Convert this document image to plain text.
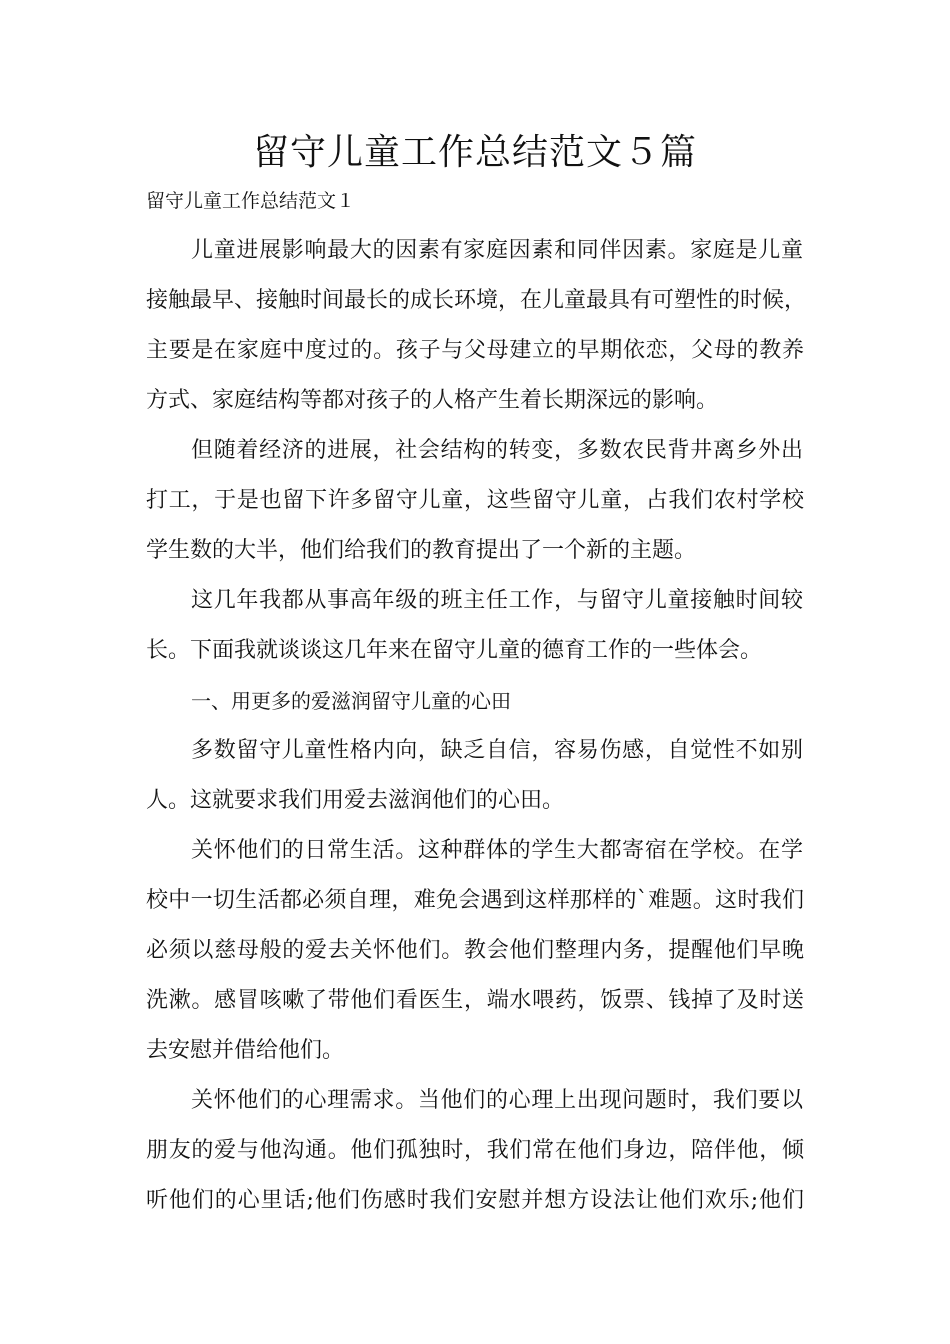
留守儿童工作总结范文５篇
留守儿童工作总结范文１
儿童进展影响最大的因素有家庭因素和同伴因素。家庭是儿童
接触最早、接触时间最长的成长环境，在儿童最具有可塑性的时候，
主要是在家庭中度过的。孩子与父母建立的早期依恋，父母的教养
方式、家庭结构等都对孩子的人格产生着长期深远的影响。
但随着经济的进展，社会结构的转变，多数农民背井离乡外出
打工，于是也留下许多留守儿童，这些留守儿童，占我们农村学校
学生数的大半，他们给我们的教育提出了一个新的主题。
这几年我都从事高年级的班主任工作，与留守儿童接触时间较
长。下面我就谈谈这几年来在留守儿童的德育工作的一些体会。
一、用更多的爱滋润留守儿童的心田
多数留守儿童性格内向，缺乏自信，容易伤感，自觉性不如别
人。这就要求我们用爱去滋润他们的心田。
关怀他们的日常生活。这种群体的学生大都寄宿在学校。在学
校中一切生活都必须自理，难免会遇到这样那样的`难题。这时我们
必须以慈母般的爱去关怀他们。教会他们整理内务，提醒他们早晚
洗漱。感冒咳嗽了带他们看医生，端水喂药，饭票、钱掉了及时送
去安慰并借给他们。
关怀他们的心理需求。当他们的心理上出现问题时，我们要以
朋友的爱与他沟通。他们孤独时，我们常在他们身边，陪伴他，倾
听他们的心里话;他们伤感时我们安慰并想方设法让他们欢乐;他们
